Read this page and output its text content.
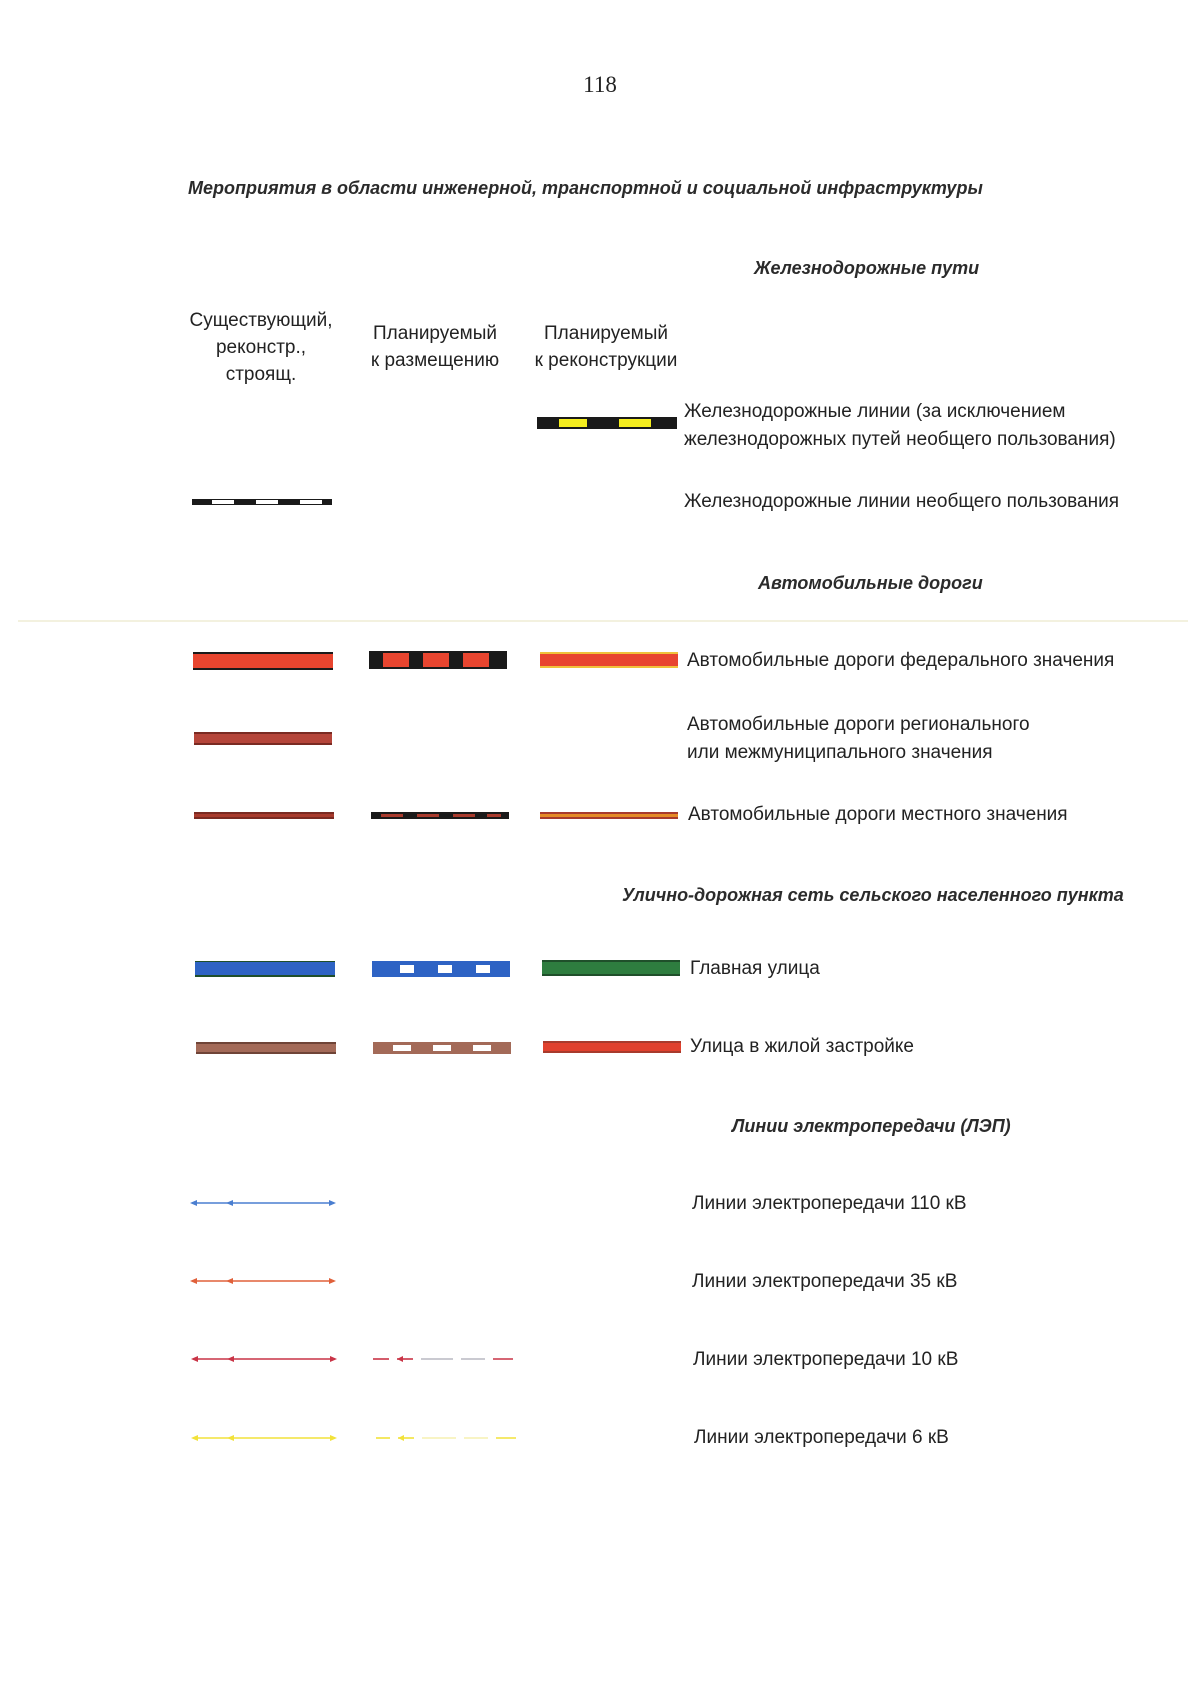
118
Мероприятия в области инженерной, транспортной и социальной инфраструктуры
Железнодорожные пути
Существующий,
реконстр.,
строящ.
Планируемый
к размещению
Планируемый
к реконструкции
Железнодорожные линии (за исключением
железнодорожных путей необщего пользования)
Железнодорожные линии необщего пользования
Автомобильные дороги
Автомобильные дороги федерального значения
Автомобильные дороги регионального
или межмуниципального значения
Автомобильные дороги местного значения
Улично-дорожная сеть сельского населенного пункта
Главная улица
Улица в жилой застройке
Линии электропередачи (ЛЭП)
Линии электропередачи 110 кВ
Линии электропередачи 35 кВ
Линии электропередачи 10 кВ
Линии электропередачи 6 кВ
